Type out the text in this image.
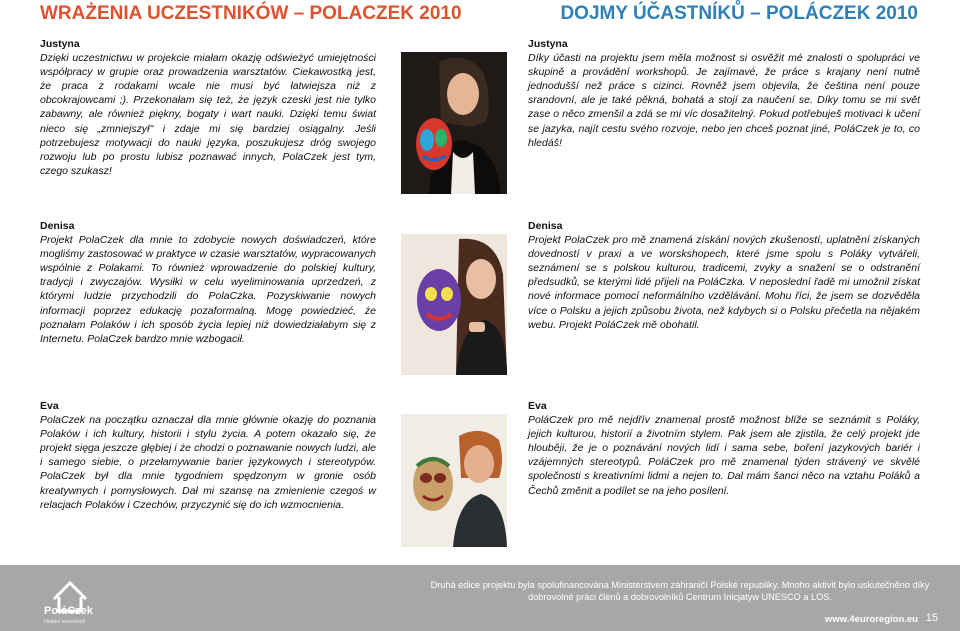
WRAŻENIA UCZESTNIKÓW – POLACZEK 2010	DOJMY ÚČASTNÍKŮ – POLÁCZEK 2010
Justyna

Dzięki uczestnictwu w projekcie miałam okazję odświeżyć umiejętności współpracy w grupie oraz prowadzenia warsztatów. Ciekawostką jest, że praca z rodakami wcale nie musi być łatwiejsza niż z obcokrajowcami ;). Przekonałam się też, że język czeski jest nie tylko zabawny, ale również piękny, bogaty i wart nauki. Dzięki temu świat nieco się „zmniejszył" i zdaje mi się bardziej osiągalny. Jeśli potrzebujesz motywacji do nauki języka, poszukujesz dróg swojego rozwoju lub po prostu lubisz poznawać innych, PolaCzek jest tym, czego szukasz!

Justyna

Díky účasti na projektu jsem měla možnost si osvěžit mé znalosti o spolupráci ve skupině a provádění workshopů. Je zajímavé, že práce s krajany není nutně jednodušší než práce s cizinci. Rovněž jsem objevila, že čeština není pouze srandovní, ale je také pěkná, bohatá a stojí za naučení se. Díky tomu se mi svět zase o něco zmenšil a zdá se mi víc dosažitelný. Pokud potřebuješ motivaci k učení se jazyka, najít cestu svého rozvoje, nebo jen chceš poznat jiné, PoláCzek je to, co hledáš!

Denisa

Projekt PolaCzek dla mnie to zdobycie nowych doświadczeń, które mogliśmy zastosować w praktyce w czasie warsztatów, wypracowanych wspólnie z Polakami. To również wprowadzenie do polskiej kultury, tradycji i zwyczajów. Wysiłki w celu wyeliminowania uprzedzeń, z którymi ludzie przychodzili do PolaCzka. Pozyskiwanie nowych informacji poprzez edukację pozaformalną. Mogę powiedzieć, że poznałam Polaków i ich sposób życia lepiej niż dowiedziałabym się z Internetu. PolaCzek bardzo mnie wzbogacił.

Denisa

Projekt PolaCzek pro mě znamená získání nových zkušeností, uplatnění získaných dovedností v praxi a ve worskshopech, které jsme spolu s Poláky vytvářeli, seznámení se s polskou kulturou, tradicemi, zvyky a snažení se o odstranění předsudků, se kterými lidé přijeli na PoláCzka. V neposlední řadě mi umožnil získat nové informace pomocí neformálního vzdělávání. Mohu říci, že jsem se dozvěděla více o Polsku a jejich způsobu života, než kdybych si o Polsku přečetla na nějakém webu. Projekt PoláCzek mě obohatil.

Eva

PolaCzek na początku oznaczał dla mnie głównie okazję do poznania Polaków i ich kultury, historii i stylu życia. A potem okazało się, że projekt sięga jeszcze głębiej i że chodzi o poznawanie nowych ludzi, ale i samego siebie, o przełamywanie barier językowych i stereotypów. PolaCzek był dla mnie tygodniem spędzonym w gronie osób kreatywnych i pomysłowych. Dał mi szansę na zmienienie czegoś w relacjach Polaków i Czechów, przyczynić się do ich wzmocnienia.

Eva

PoláCzek pro mě nejdřív znamenal prostě možnost blíže se seznámit s Poláky, jejich kulturou, historií a životním stylem. Pak jsem ale zjistila, že celý projekt jde hlouběji, že je o poznávání nových lidí i sama sebe, boření jazykových bariér i vzájemných stereotypů. PoláCzek pro mě znamenal týden strávený ve skvělé společnosti s kreativními lidmi a nejen to. Dal mám šanci něco na vztahu Poláků a Čechů změnit a podílet se na jeho posílení.

PoláCzek
hledání souvislostí
Druhá edice projektu byla spolufinancována Ministerstvem zahraničí Polské republiky. Mnoho aktivit bylo uskutečněno díky dobrovolné práci členů a dobrovolníků Centrum Inicjatyw UNESCO a LOS.
www.4euroregion.eu 15
